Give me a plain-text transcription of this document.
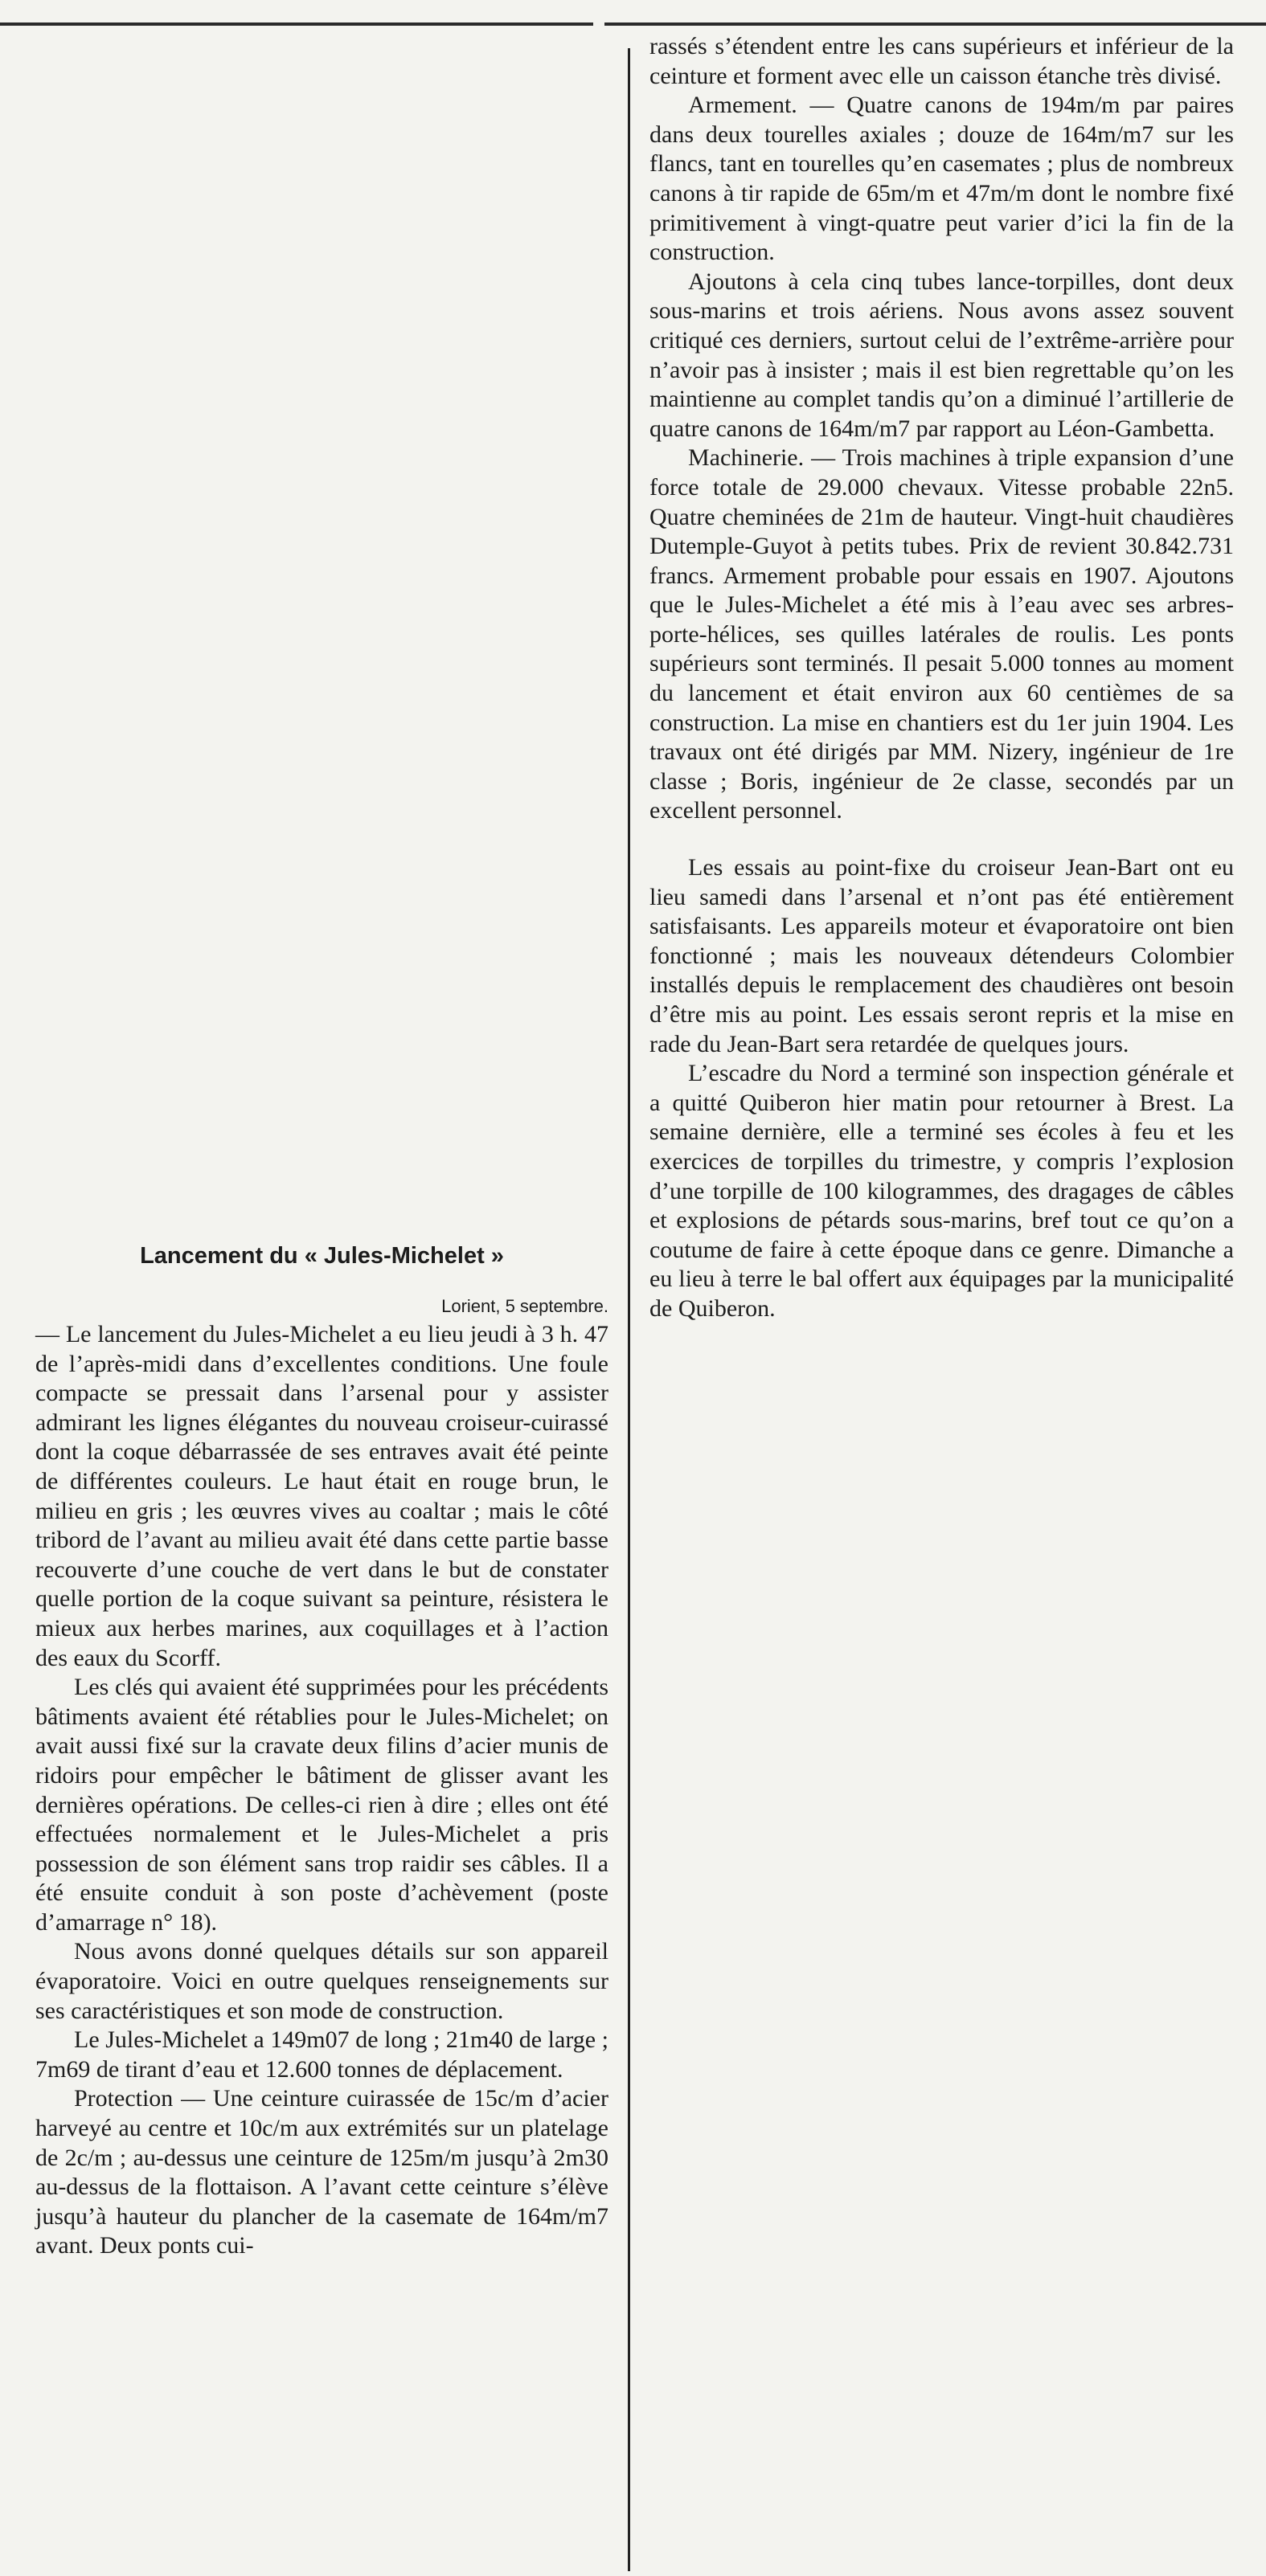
Lancement du « Jules-Michelet »

Lorient, 5 septembre.

— Le lancement du Jules-Michelet a eu lieu jeudi à 3 h. 47 de l’après-midi dans d’excellentes conditions. Une foule compacte se pressait dans l’arsenal pour y assister admirant les lignes élégantes du nouveau croiseur-cuirassé dont la coque débarrassée de ses entraves avait été peinte de différentes couleurs. Le haut était en rouge brun, le milieu en gris ; les œuvres vives au coaltar ; mais le côté tribord de l’avant au milieu avait été dans cette partie basse recouverte d’une couche de vert dans le but de constater quelle portion de la coque suivant sa peinture, résistera le mieux aux herbes marines, aux coquillages et à l’action des eaux du Scorff.

Les clés qui avaient été supprimées pour les précédents bâtiments avaient été rétablies pour le Jules-Michelet; on avait aussi fixé sur la cravate deux filins d’acier munis de ridoirs pour empêcher le bâtiment de glisser avant les dernières opérations. De celles-ci rien à dire ; elles ont été effectuées normalement et le Jules-Michelet a pris possession de son élément sans trop raidir ses câbles. Il a été ensuite conduit à son poste d’achèvement (poste d’amarrage n° 18).

Nous avons donné quelques détails sur son appareil évaporatoire. Voici en outre quelques renseignements sur ses caractéristiques et son mode de construction.

Le Jules-Michelet a 149m07 de long ; 21m40 de large ; 7m69 de tirant d’eau et 12.600 tonnes de déplacement.

Protection — Une ceinture cuirassée de 15c/m d’acier harveyé au centre et 10c/m aux extrémités sur un platelage de 2c/m ; au-dessus une ceinture de 125m/m jusqu’à 2m30 au-dessus de la flottaison. A l’avant cette ceinture s’élève jusqu’à hauteur du plancher de la casemate de 164m/m7 avant. Deux ponts cui-

rassés s’étendent entre les cans supérieurs et inférieur de la ceinture et forment avec elle un caisson étanche très divisé.

Armement. — Quatre canons de 194m/m par paires dans deux tourelles axiales ; douze de 164m/m7 sur les flancs, tant en tourelles qu’en casemates ; plus de nombreux canons à tir rapide de 65m/m et 47m/m dont le nombre fixé primitivement à vingt-quatre peut varier d’ici la fin de la construction.

Ajoutons à cela cinq tubes lance-torpilles, dont deux sous-marins et trois aériens. Nous avons assez souvent critiqué ces derniers, surtout celui de l’extrême-arrière pour n’avoir pas à insister ; mais il est bien regrettable qu’on les maintienne au complet tandis qu’on a diminué l’artillerie de quatre canons de 164m/m7 par rapport au Léon-Gambetta.

Machinerie. — Trois machines à triple expansion d’une force totale de 29.000 chevaux. Vitesse probable 22n5. Quatre cheminées de 21m de hauteur. Vingt-huit chaudières Dutemple-Guyot à petits tubes. Prix de revient 30.842.731 francs. Armement probable pour essais en 1907. Ajoutons que le Jules-Michelet a été mis à l’eau avec ses arbres-porte-hélices, ses quilles latérales de roulis. Les ponts supérieurs sont terminés. Il pesait 5.000 tonnes au moment du lancement et était environ aux 60 centièmes de sa construction. La mise en chantiers est du 1er juin 1904. Les travaux ont été dirigés par MM. Nizery, ingénieur de 1re classe ; Boris, ingénieur de 2e classe, secondés par un excellent personnel.

Les essais au point-fixe du croiseur Jean-Bart ont eu lieu samedi dans l’arsenal et n’ont pas été entièrement satisfaisants. Les appareils moteur et évaporatoire ont bien fonctionné ; mais les nouveaux détendeurs Colombier installés depuis le remplacement des chaudières ont besoin d’être mis au point. Les essais seront repris et la mise en rade du Jean-Bart sera retardée de quelques jours.

L’escadre du Nord a terminé son inspection générale et a quitté Quiberon hier matin pour retourner à Brest. La semaine dernière, elle a terminé ses écoles à feu et les exercices de torpilles du trimestre, y compris l’explosion d’une torpille de 100 kilogrammes, des dragages de câbles et explosions de pétards sous-marins, bref tout ce qu’on a coutume de faire à cette époque dans ce genre. Dimanche a eu lieu à terre le bal offert aux équipages par la municipalité de Quiberon.
